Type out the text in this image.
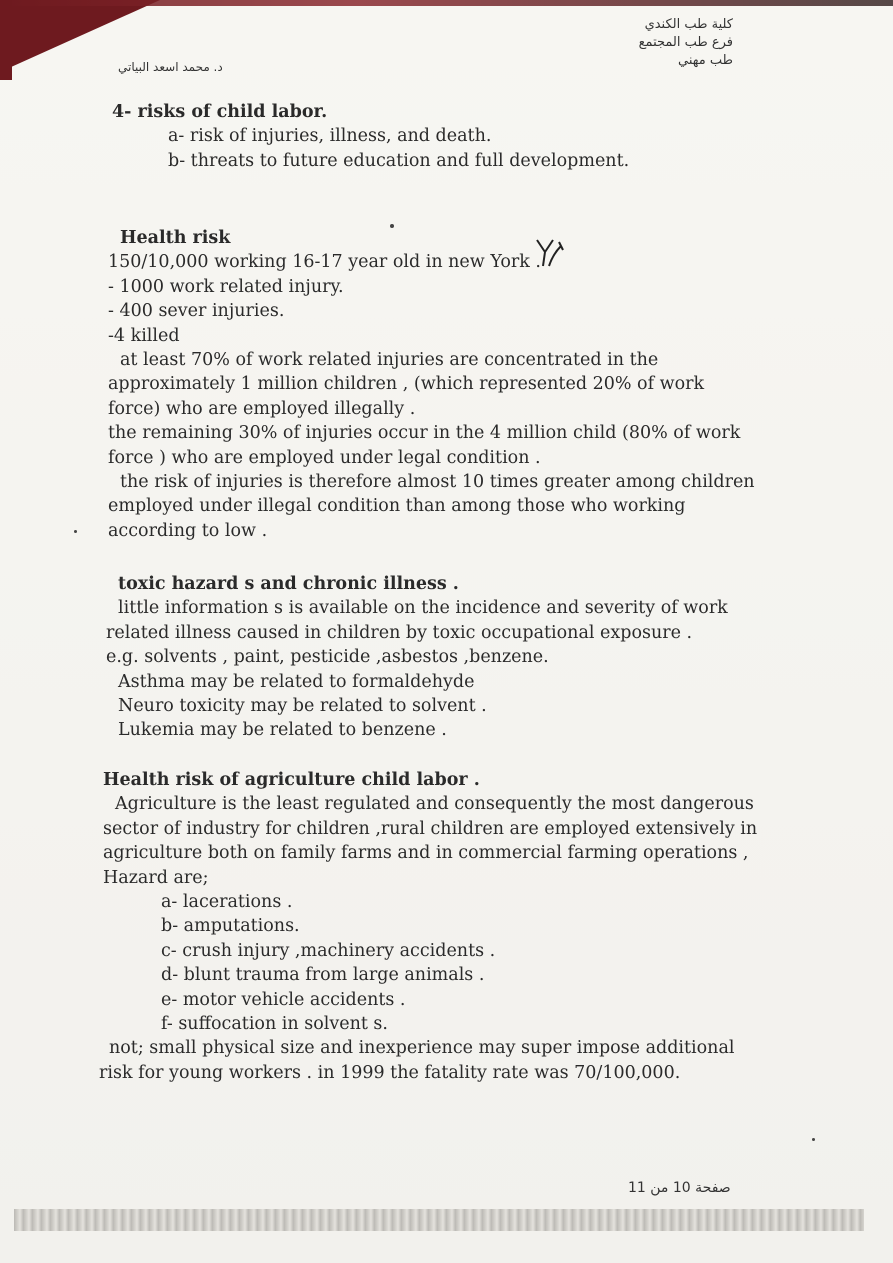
كلية طب الكندي
فرع طب المجتمع
طب مهني
د. محمد اسعد البياتي
4- risks of child labor.
a- risk of injuries, illness, and death.
b- threats to future education and full development.
Health risk
150/10,000 working 16-17 year old in new York .
- 1000 work related injury.
- 400 sever injuries.
-4 killed
at least 70% of work related injuries are concentrated in the
approximately 1 million children , (which represented 20% of work
force) who are employed illegally .
the remaining 30% of injuries occur in the 4 million child (80% of work
force ) who are employed under legal condition .
the risk of injuries is therefore almost 10 times greater among children
employed under illegal condition than among those who working
according to low .
toxic hazard s and chronic illness .
little information s is available on the incidence and severity of work
related illness caused in children by toxic occupational exposure .
e.g. solvents , paint, pesticide ,asbestos ,benzene.
Asthma may be related to formaldehyde
Neuro toxicity may be related to solvent .
Lukemia may be related to benzene .
Health risk of agriculture child labor .
Agriculture is the least regulated and consequently the most dangerous
sector of industry for children ,rural children are employed extensively in
agriculture both on family farms and in commercial farming operations ,
Hazard are;
a- lacerations .
b- amputations.
c- crush injury ,machinery accidents .
d- blunt trauma from large animals .
e- motor vehicle accidents .
f- suffocation in solvent s.
not; small physical size and inexperience may super impose additional
risk for young workers . in 1999 the fatality rate was 70/100,000.
صفحة 10 من 11
